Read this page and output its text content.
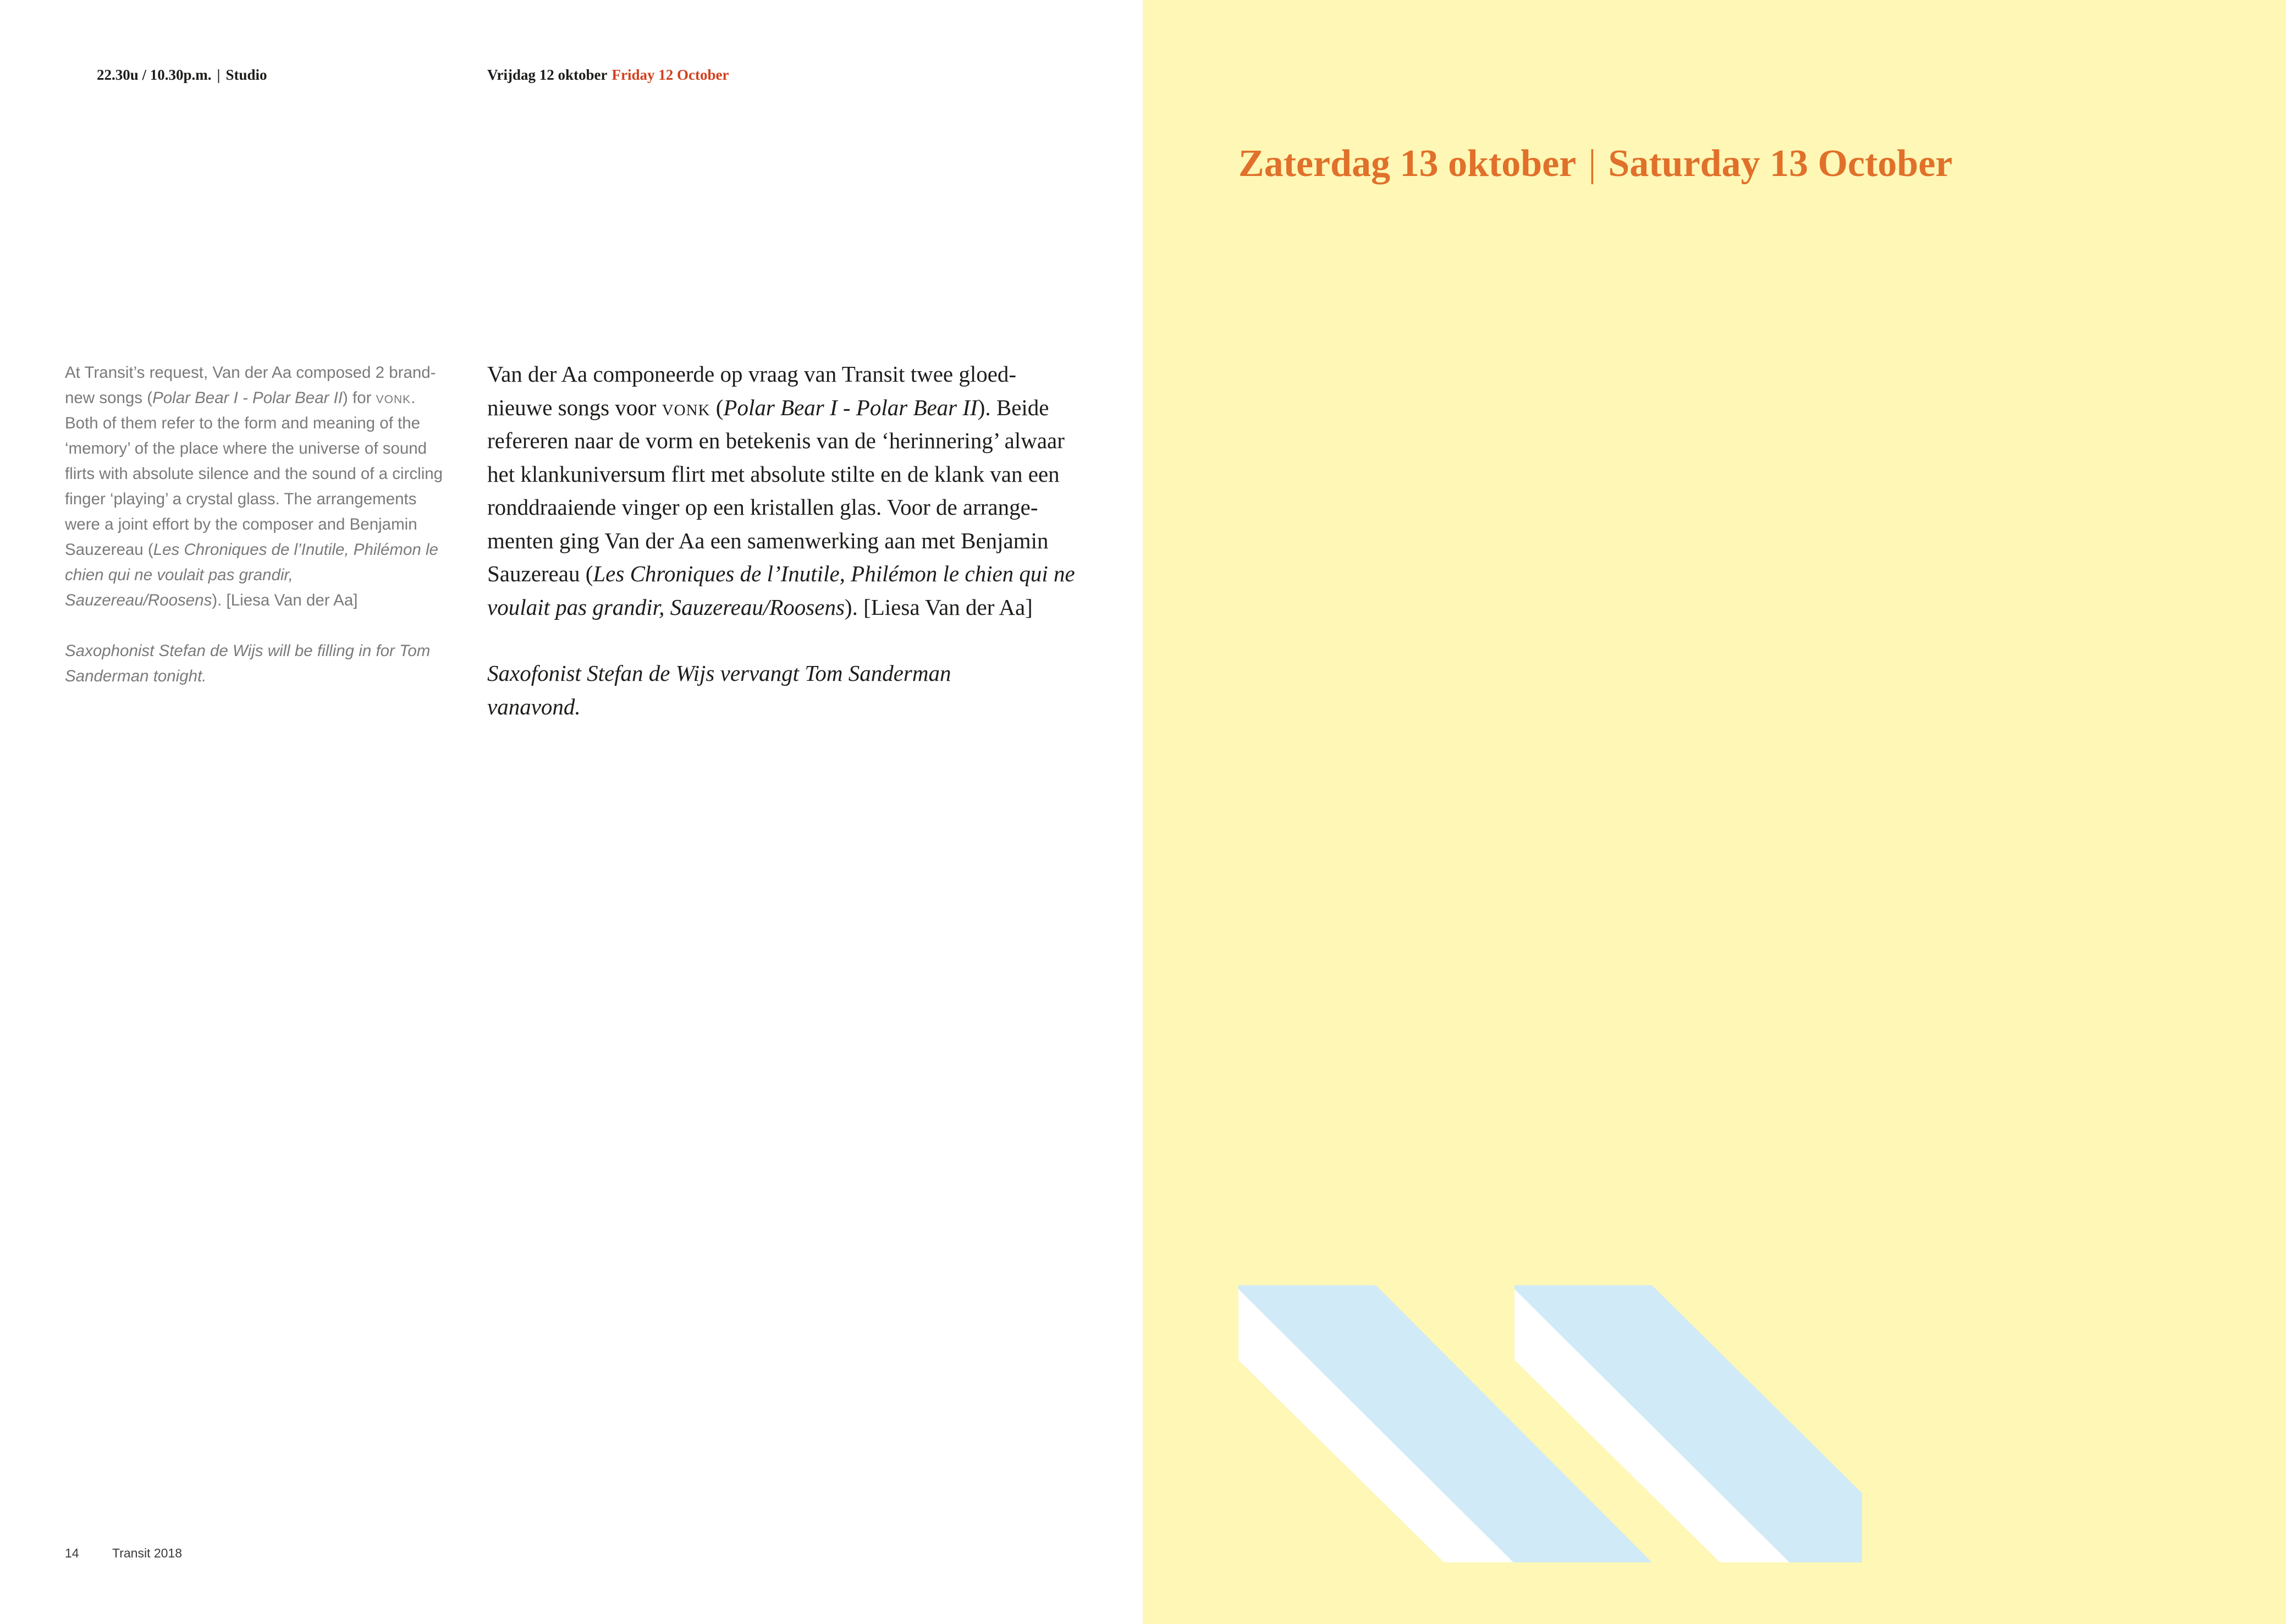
22.30u / 10.30p.m. | Studio	Vrijdag 12 oktober Friday 12 October

At Transit’s request, Van der Aa composed 2 brand-new songs (Polar Bear I - Polar Bear II) for vonk. Both of them refer to the form and meaning of the ‘memory’ of the place where the universe of sound flirts with absolute silence and the sound of a circling finger ‘playing’ a crystal glass. The arrangements were a joint effort by the composer and Benjamin Sauzereau (Les Chroniques de l’Inutile, Philémon le chien qui ne voulait pas grandir, Sauzereau/Roosens). [Liesa Van der Aa]

Saxophonist Stefan de Wijs will be filling in for Tom Sanderman tonight.

Van der Aa componeerde op vraag van Transit twee gloed-
nieuwe songs voor vonk (Polar Bear I - Polar Bear II). Beide
refereren naar de vorm en betekenis van de ‘herinnering’ alwaar
het klankuniversum flirt met absolute stilte en de klank van een
ronddraaiende vinger op een kristallen glas. Voor de arrange-
menten ging Van der Aa een samenwerking aan met Benjamin
Sauzereau (Les Chroniques de l’Inutile, Philémon le chien qui ne
voulait pas grandir, Sauzereau/Roosens). [Liesa Van der Aa]

Saxofonist Stefan de Wijs vervangt Tom Sanderman vanavond.

14	Transit 2018
Zaterdag 13 oktober | Saturday 13 October
